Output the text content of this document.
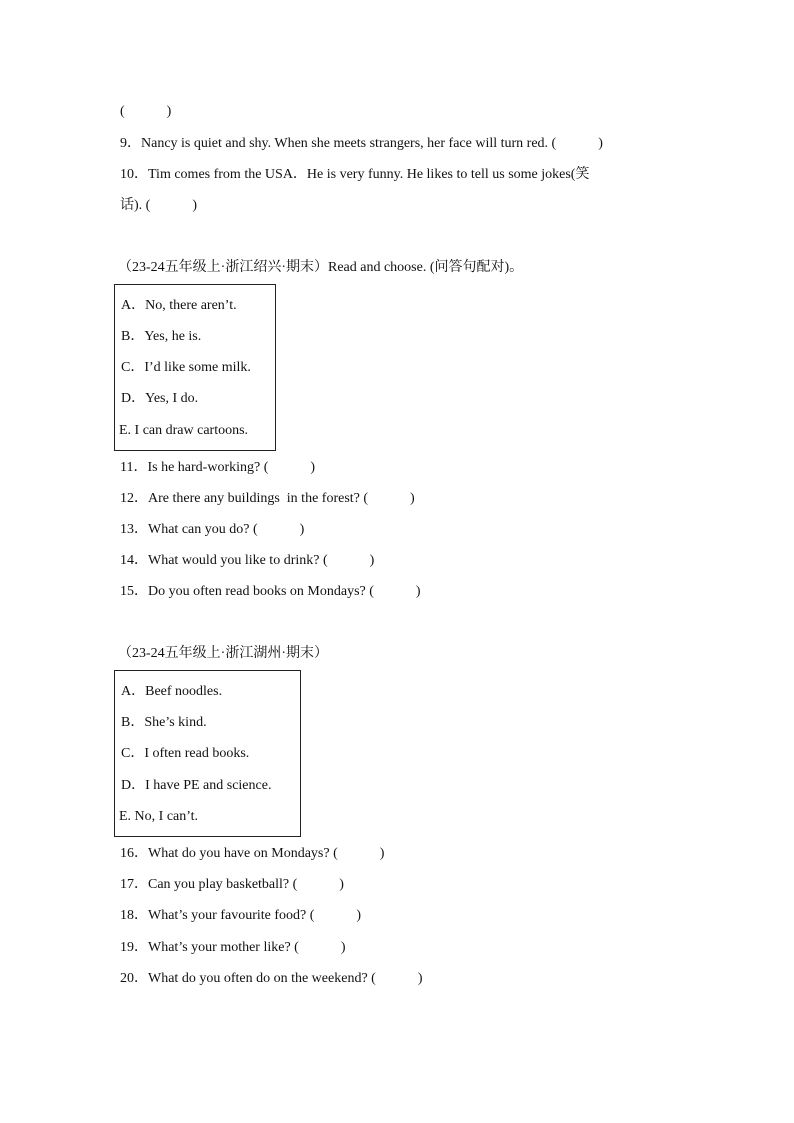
(　　　)
9．Nancy is quiet and shy. When she meets strangers, her face will turn red. (　　　)
10．Tim comes from the USA．He is very funny. He likes to tell us some jokes(笑
话). (　　　)
（23-24五年级上·浙江绍兴·期末）Read and choose. (问答句配对)。
A．No, there aren’t.
B．Yes, he is.
C．I’d like some milk.
D．Yes, I do.
E. I can draw cartoons.
11．Is he hard-working? (　　　)
12．Are there any buildings  in the forest? (　　　)
13．What can you do? (　　　)
14．What would you like to drink? (　　　)
15．Do you often read books on Mondays? (　　　)
（23-24五年级上·浙江湖州·期末）
A．Beef noodles.
B．She’s kind.
C．I often read books.
D．I have PE and science.
E. No, I can’t.
16．What do you have on Mondays? (　　　)
17．Can you play basketball? (　　　)
18．What’s your favourite food? (　　　)
19．What’s your mother like? (　　　)
20．What do you often do on the weekend? (　　　)
